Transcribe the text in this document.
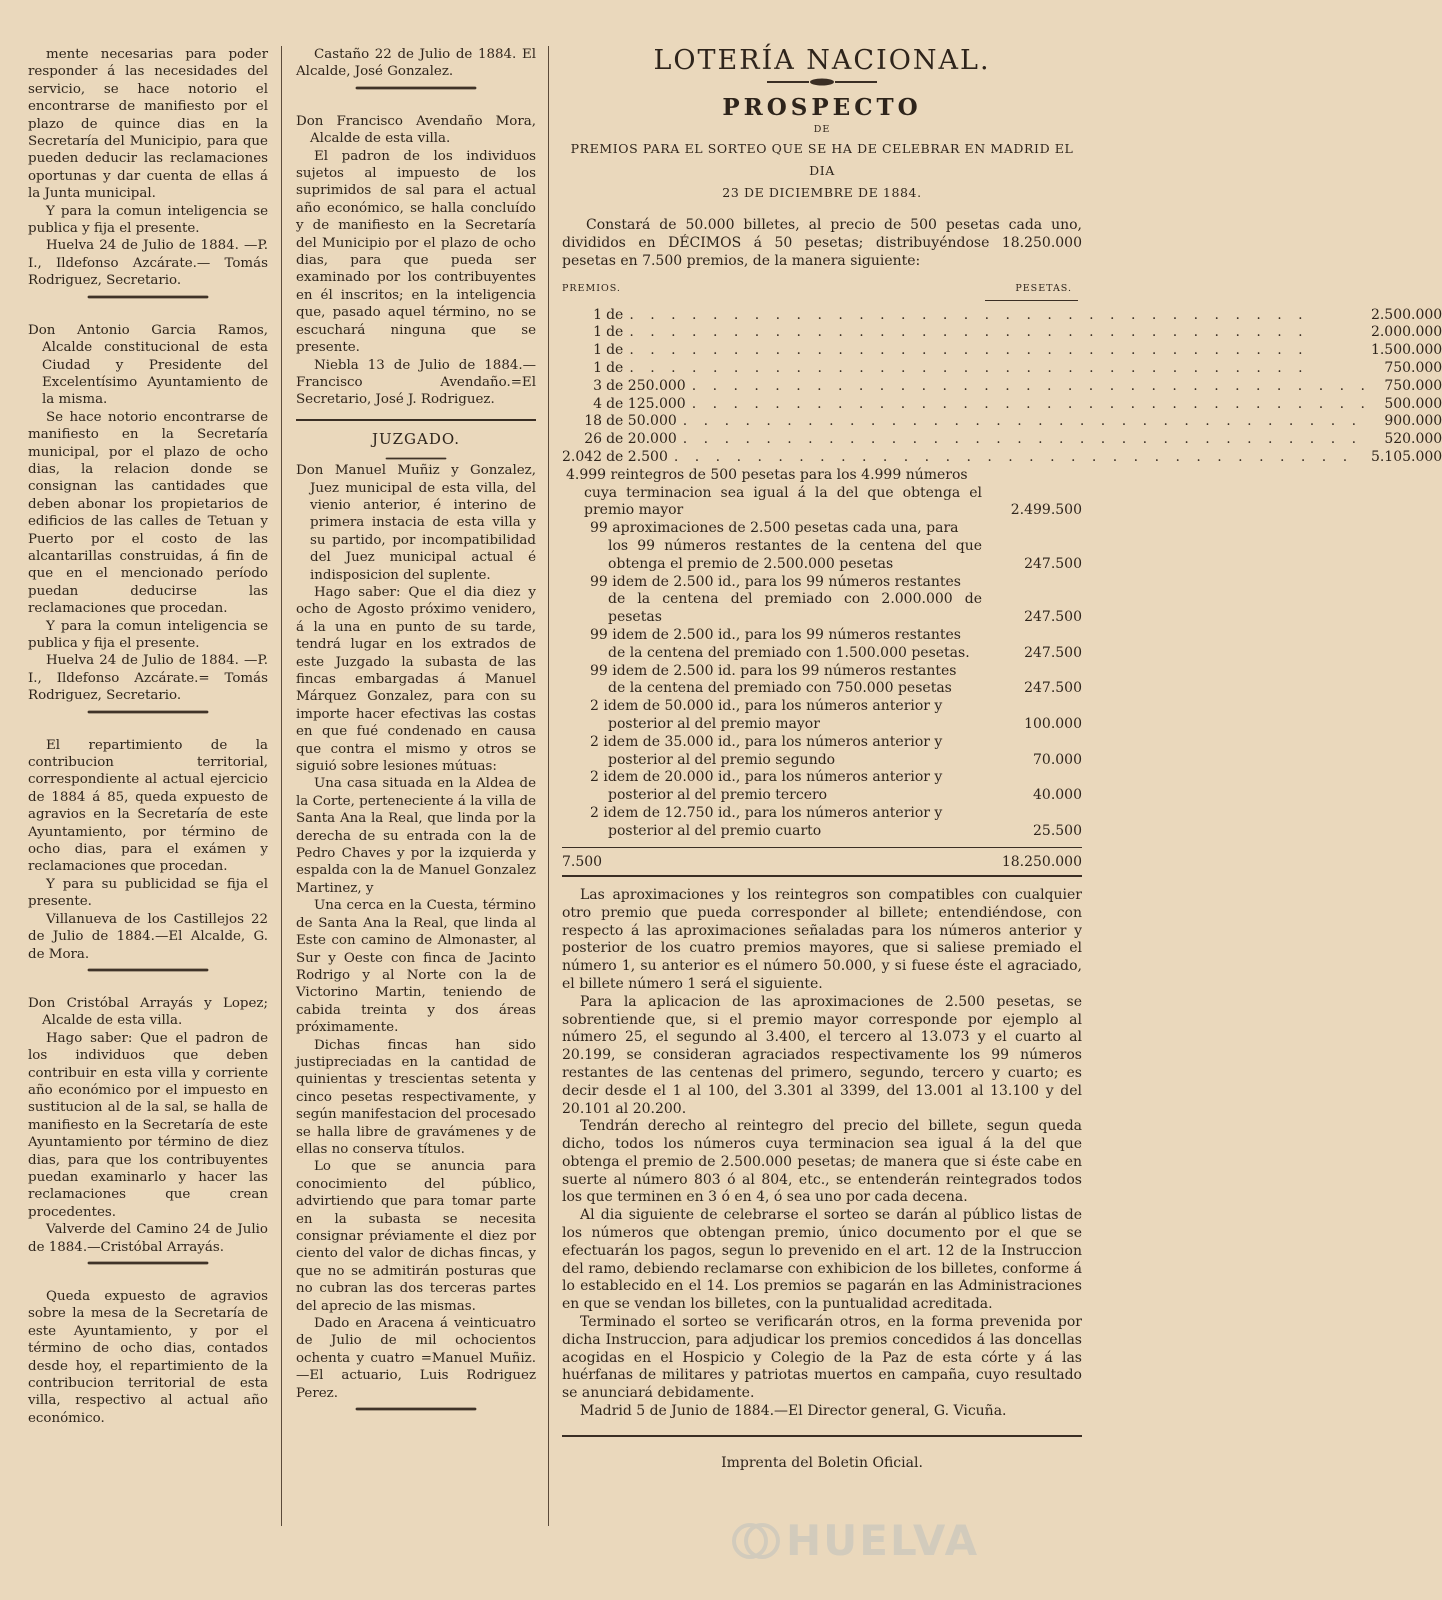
mente necesarias para poder responder á las necesidades del servicio, se hace notorio el encontrarse de manifiesto por el plazo de quince dias en la Secretaría del Municipio, para que pueden deducir las reclamaciones oportunas y dar cuenta de ellas á la Junta municipal.

Y para la comun inteligencia se publica y fija el presente.

Huelva 24 de Julio de 1884. —P. I., Ildefonso Azcárate.— Tomás Rodriguez, Secretario.

Don Antonio Garcia Ramos, Alcalde constitucional de esta Ciudad y Presidente del Excelentísimo Ayuntamiento de la misma.

Se hace notorio encontrarse de manifiesto en la Secretaría municipal, por el plazo de ocho dias, la relacion donde se consignan las cantidades que deben abonar los propietarios de edificios de las calles de Tetuan y Puerto por el costo de las alcantarillas construidas, á fin de que en el mencionado período puedan deducirse las reclamaciones que procedan.

Y para la comun inteligencia se publica y fija el presente.

Huelva 24 de Julio de 1884. —P. I., Ildefonso Azcárate.= Tomás Rodriguez, Secretario.

El repartimiento de la contribucion territorial, correspondiente al actual ejercicio de 1884 á 85, queda expuesto de agravios en la Secretaría de este Ayuntamiento, por término de ocho dias, para el exámen y reclamaciones que procedan.

Y para su publicidad se fija el presente.

Villanueva de los Castillejos 22 de Julio de 1884.—El Alcalde, G. de Mora.

Don Cristóbal Arrayás y Lopez; Alcalde de esta villa.

Hago saber: Que el padron de los individuos que deben contribuir en esta villa y corriente año económico por el impuesto en sustitucion al de la sal, se halla de manifiesto en la Secretaría de este Ayuntamiento por término de diez dias, para que los contribuyentes puedan examinarlo y hacer las reclamaciones que crean procedentes.

Valverde del Camino 24 de Julio de 1884.—Cristóbal Arrayás.

Queda expuesto de agravios sobre la mesa de la Secretaría de este Ayuntamiento, y por el término de ocho dias, contados desde hoy, el repartimiento de la contribucion territorial de esta villa, respectivo al actual año económico.

Castaño 22 de Julio de 1884. El Alcalde, José Gonzalez.

Don Francisco Avendaño Mora, Alcalde de esta villa.

El padron de los individuos sujetos al impuesto de los suprimidos de sal para el actual año económico, se halla concluído y de manifiesto en la Secretaría del Municipio por el plazo de ocho dias, para que pueda ser examinado por los contribuyentes en él inscritos; en la inteligencia que, pasado aquel término, no se escuchará ninguna que se presente.

Niebla 13 de Julio de 1884.— Francisco Avendaño.=El Secretario, José J. Rodriguez.

JUZGADO.

Don Manuel Muñiz y Gonzalez, Juez municipal de esta villa, del vienio anterior, é interino de primera instacia de esta villa y su partido, por incompatibilidad del Juez municipal actual é indisposicion del suplente.

Hago saber: Que el dia diez y ocho de Agosto próximo venidero, á la una en punto de su tarde, tendrá lugar en los extrados de este Juzgado la subasta de las fincas embargadas á Manuel Márquez Gonzalez, para con su importe hacer efectivas las costas en que fué condenado en causa que contra el mismo y otros se siguió sobre lesiones mútuas:

Una casa situada en la Aldea de la Corte, perteneciente á la villa de Santa Ana la Real, que linda por la derecha de su entrada con la de Pedro Chaves y por la izquierda y espalda con la de Manuel Gonzalez Martinez, y

Una cerca en la Cuesta, término de Santa Ana la Real, que linda al Este con camino de Almonaster, al Sur y Oeste con finca de Jacinto Rodrigo y al Norte con la de Victorino Martin, teniendo de cabida treinta y dos áreas próximamente.

Dichas fincas han sido justipreciadas en la cantidad de quinientas y trescientas setenta y cinco pesetas respectivamente, y según manifestacion del procesado se halla libre de gravámenes y de ellas no conserva títulos.

Lo que se anuncia para conocimiento del público, advirtiendo que para tomar parte en la subasta se necesita consignar préviamente el diez por ciento del valor de dichas fincas, y que no se admitirán posturas que no cubran las dos terceras partes del aprecio de las mismas.

Dado en Aracena á veinticuatro de Julio de mil ochocientos ochenta y cuatro =Manuel Muñiz.—El actuario, Luis Rodriguez Perez.

LOTERÍA NACIONAL.
PROSPECTO
DE
PREMIOS PARA EL SORTEO QUE SE HA DE CELEBRAR EN MADRID EL DIA
23 DE DICIEMBRE DE 1884.
Constará de 50.000 billetes, al precio de 500 pesetas cada uno, divididos en DÉCIMOS á 50 pesetas; distribuyéndose 18.250.000 pesetas en 7.500 premios, de la manera siguiente:
PREMIOS.	PESETAS.
1	de . . . . . . . . . . . . . . . . . . . . . . . . . . . . . . . . .	2.500.000
1	de . . . . . . . . . . . . . . . . . . . . . . . . . . . . . . . . .	2.000.000
1	de . . . . . . . . . . . . . . . . . . . . . . . . . . . . . . . . .	1.500.000
1	de . . . . . . . . . . . . . . . . . . . . . . . . . . . . . . . . .	750.000
3	de 250.000 . . . . . . . . . . . . . . . . . . . . . . . . . . . . . . . . .	750.000
4	de 125.000 . . . . . . . . . . . . . . . . . . . . . . . . . . . . . . . . .	500.000
18	de 50.000 . . . . . . . . . . . . . . . . . . . . . . . . . . . . . . . . .	900.000
26	de 20.000 . . . . . . . . . . . . . . . . . . . . . . . . . . . . . . . . .	520.000
2.042	de 2.500 . . . . . . . . . . . . . . . . . . . . . . . . . . . . . . . . .	5.105.000
4.999 reintegros de 500 pesetas para los 4.999 números
cuya terminacion sea igual á la del que obtenga el premio mayor	2.499.500
99 aproximaciones de 2.500 pesetas cada una, para
los 99 números restantes de la centena del que obtenga el premio de 2.500.000 pesetas	247.500
99 idem de 2.500 id., para los 99 números restantes
de la centena del premiado con 2.000.000 de pesetas	247.500
99 idem de 2.500 id., para los 99 números restantes
de la centena del premiado con 1.500.000 pesetas.	247.500
99 idem de 2.500 id. para los 99 números restantes
de la centena del premiado con 750.000 pesetas	247.500
2 idem de 50.000 id., para los números anterior y
posterior al del premio mayor	100.000
2 idem de 35.000 id., para los números anterior y
posterior al del premio segundo	70.000
2 idem de 20.000 id., para los números anterior y
posterior al del premio tercero	40.000
2 idem de 12.750 id., para los números anterior y
posterior al del premio cuarto	25.500
7.500	18.250.000

Las aproximaciones y los reintegros son compatibles con cualquier otro premio que pueda corresponder al billete; entendiéndose, con respecto á las aproximaciones señaladas para los números anterior y posterior de los cuatro premios mayores, que si saliese premiado el número 1, su anterior es el número 50.000, y si fuese éste el agraciado, el billete número 1 será el siguiente.

Para la aplicacion de las aproximaciones de 2.500 pesetas, se sobrentiende que, si el premio mayor corresponde por ejemplo al número 25, el segundo al 3.400, el tercero al 13.073 y el cuarto al 20.199, se consideran agraciados respectivamente los 99 números restantes de las centenas del primero, segundo, tercero y cuarto; es decir desde el 1 al 100, del 3.301 al 3399, del 13.001 al 13.100 y del 20.101 al 20.200.

Tendrán derecho al reintegro del precio del billete, segun queda dicho, todos los números cuya terminacion sea igual á la del que obtenga el premio de 2.500.000 pesetas; de manera que si éste cabe en suerte al número 803 ó al 804, etc., se entenderán reintegrados todos los que terminen en 3 ó en 4, ó sea uno por cada decena.

Al dia siguiente de celebrarse el sorteo se darán al público listas de los números que obtengan premio, único documento por el que se efectuarán los pagos, segun lo prevenido en el art. 12 de la Instruccion del ramo, debiendo reclamarse con exhibicion de los billetes, conforme á lo establecido en el 14. Los premios se pagarán en las Administraciones en que se vendan los billetes, con la puntualidad acreditada.

Terminado el sorteo se verificarán otros, en la forma prevenida por dicha Instruccion, para adjudicar los premios concedidos á las doncellas acogidas en el Hospicio y Colegio de la Paz de esta córte y á las huérfanas de militares y patriotas muertos en campaña, cuyo resultado se anunciará debidamente.

Madrid 5 de Junio de 1884.—El Director general, G. Vicuña.

Imprenta del Boletin Oficial.
HUELVA
